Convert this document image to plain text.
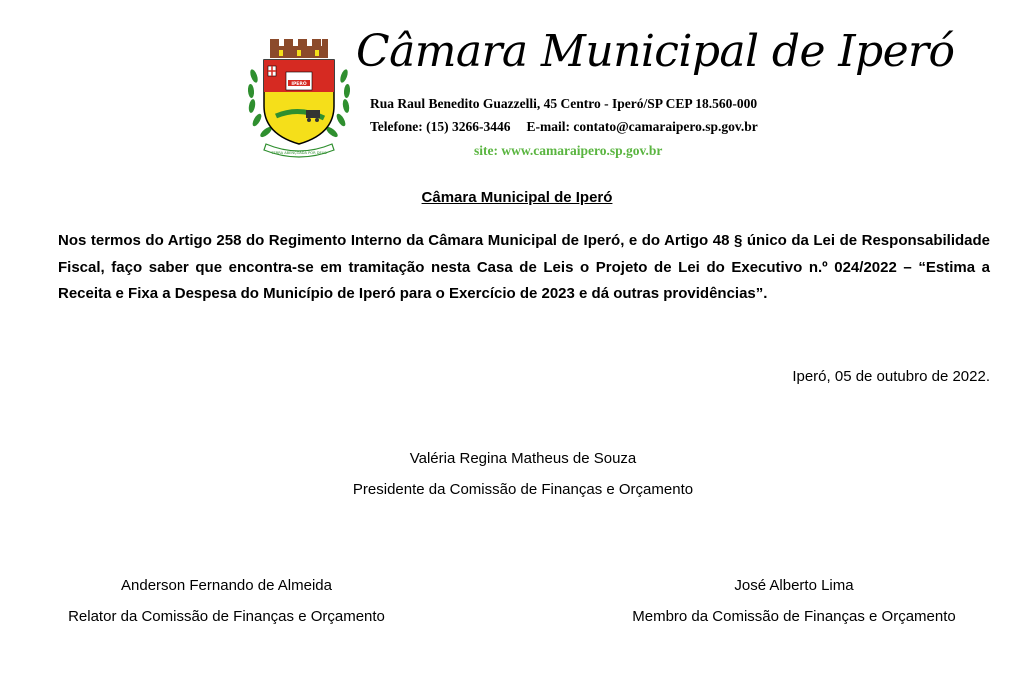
IPERÓ
TERRA ABENÇOADA POR DEUS
Câmara Municipal de Iperó
Rua Raul Benedito Guazzelli, 45 Centro - Iperó/SP CEP 18.560-000
Telefone: (15) 3266-3446 E-mail: contato@camaraipero.sp.gov.br
site: www.camaraipero.sp.gov.br
Câmara Municipal de Iperó

Nos termos do Artigo 258 do Regimento Interno da Câmara Municipal de Iperó, e do Artigo 48 § único da Lei de Responsabilidade Fiscal, faço saber que encontra-se em tramitação nesta Casa de Leis o Projeto de Lei do Executivo n.º 024/2022 – “Estima a Receita e Fixa a Despesa do Município de Iperó para o Exercício de 2023 e dá outras providências”.

Iperó, 05 de outubro de 2022.
Valéria Regina Matheus de Souza
Presidente da Comissão de Finanças e Orçamento
Anderson Fernando de Almeida
Relator da Comissão de Finanças e Orçamento
José Alberto Lima
Membro da Comissão de Finanças e Orçamento
